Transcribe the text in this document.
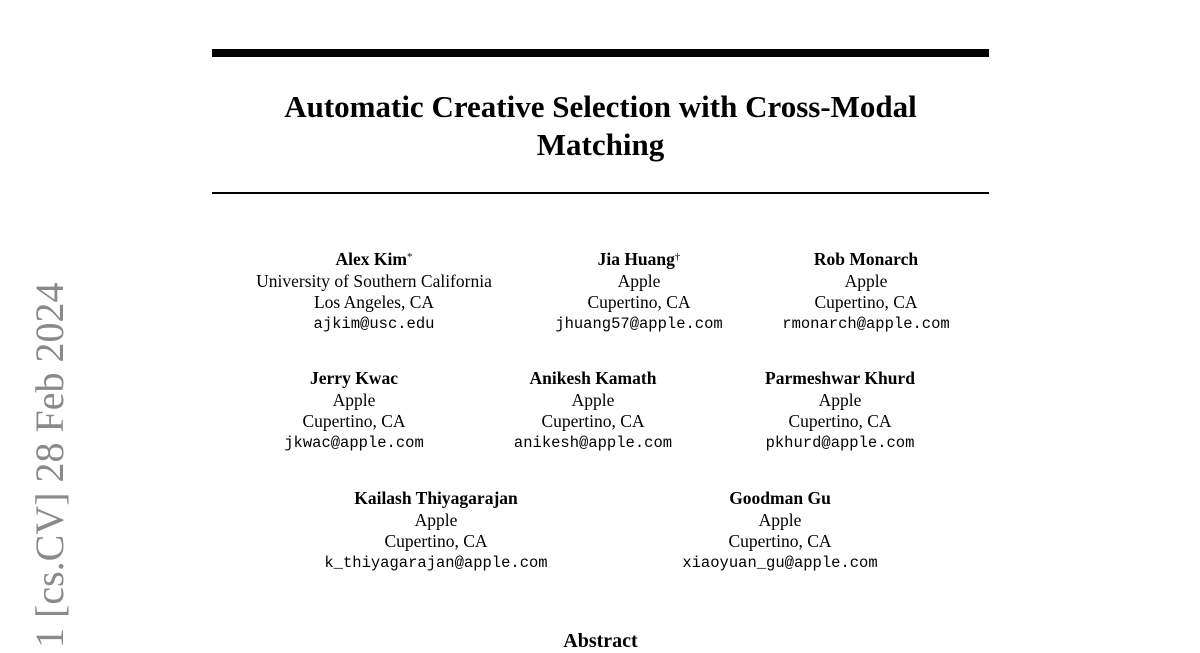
1 [cs.CV] 28 Feb 2024
Automatic Creative Selection with Cross-Modal
Matching
Alex Kim*
University of Southern California
Los Angeles, CA
ajkim@usc.edu
Jia Huang†
Apple
Cupertino, CA
jhuang57@apple.com
Rob Monarch
Apple
Cupertino, CA
rmonarch@apple.com
Jerry Kwac
Apple
Cupertino, CA
jkwac@apple.com
Anikesh Kamath
Apple
Cupertino, CA
anikesh@apple.com
Parmeshwar Khurd
Apple
Cupertino, CA
pkhurd@apple.com
Kailash Thiyagarajan
Apple
Cupertino, CA
k_thiyagarajan@apple.com
Goodman Gu
Apple
Cupertino, CA
xiaoyuan_gu@apple.com
Abstract
